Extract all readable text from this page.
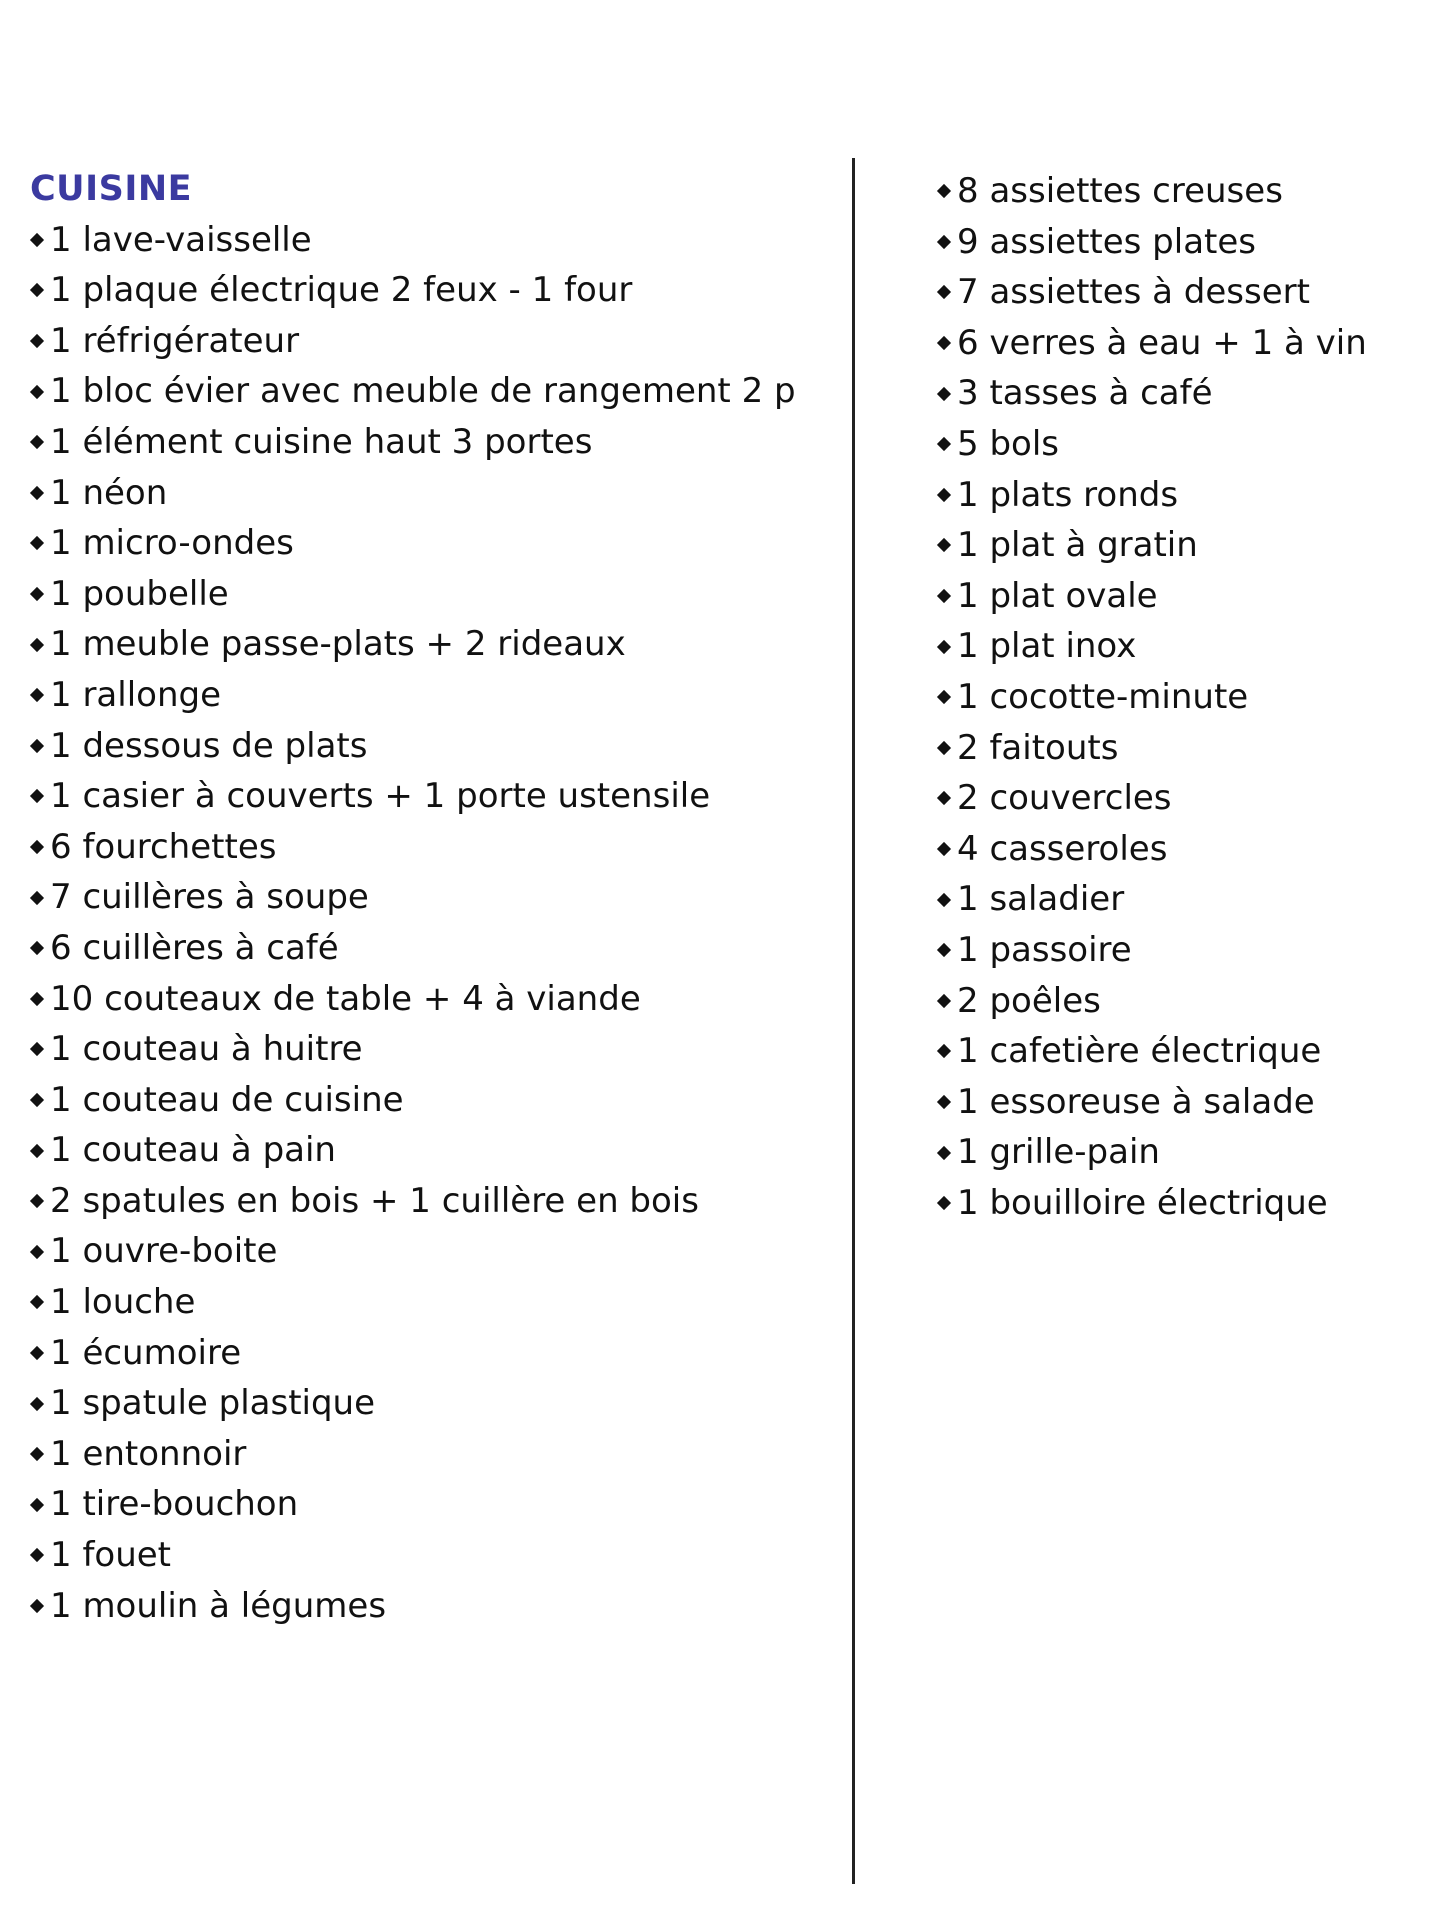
CUISINE
1 lave-vaisselle
1 plaque électrique 2 feux - 1 four
1 réfrigérateur
1 bloc évier avec meuble de rangement 2 p
1 élément cuisine haut 3 portes
1 néon
1 micro-ondes
1 poubelle
1 meuble passe-plats + 2 rideaux
1 rallonge
1 dessous de plats
1 casier à couverts + 1 porte ustensile
6 fourchettes
7 cuillères à soupe
6 cuillères à café
10 couteaux de table + 4 à viande
1 couteau à huitre
1 couteau de cuisine
1 couteau à pain
2 spatules en bois + 1 cuillère en bois
1 ouvre-boite
1 louche
1 écumoire
1 spatule plastique
1 entonnoir
1 tire-bouchon
1 fouet
1 moulin à légumes
8 assiettes creuses
9 assiettes plates
7 assiettes à dessert
6 verres à eau + 1 à vin
3 tasses à café
5 bols
1 plats ronds
1 plat à gratin
1 plat ovale
1 plat inox
1 cocotte-minute
2 faitouts
2 couvercles
4 casseroles
1 saladier
1 passoire
2 poêles
1 cafetière électrique
1 essoreuse à salade
1 grille-pain
1 bouilloire électrique
